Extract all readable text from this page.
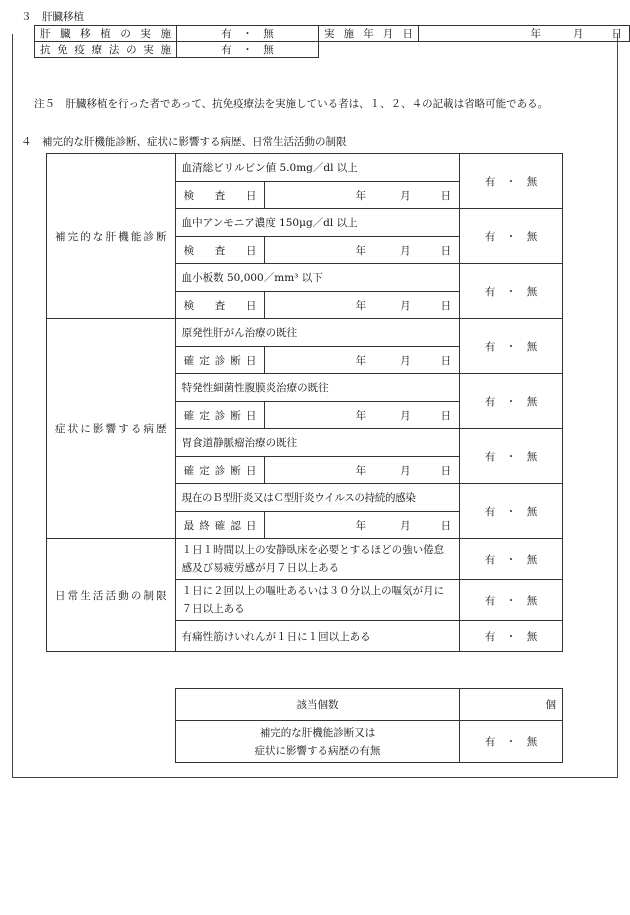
３　肝臓移植
肝臓移植の実施	有　・　無	実施年月日	年 月 日

抗免疫療法の実施	有　・　無		
注５　肝臓移植を行った者であって、抗免疫療法を実施している者は、１、２、４の記載は省略可能である。
４　補完的な肝機能診断、症状に影響する病歴、日常生活活動の制限
補完的な肝機能診断	血清総ビリルビン値 5.0mg／dl 以上		有　・　無
	検査日	年 月 日	

	血中アンモニア濃度 150μg／dl 以上		有　・　無
	検査日	年 月 日	

	血小板数 50,000／mm³ 以下		有　・　無
	検査日	年 月 日	

症状に影響する病歴	原発性肝がん治療の既往		有　・　無
	確定診断日	年 月 日	

	特発性細菌性腹膜炎治療の既往		有　・　無
	確定診断日	年 月 日	

	胃食道静脈瘤治療の既往		有　・　無
	確定診断日	年 月 日	

	現在のＢ型肝炎又はＣ型肝炎ウイルスの持続的感染		有　・　無
	最終確認日	年 月 日	

日常生活活動の制限	１日１時間以上の安静臥床を必要とするほどの強い倦怠感及び易疲労感が月７日以上ある		有　・　無
	１日に２回以上の嘔吐あるいは３０分以上の嘔気が月に７日以上ある		有　・　無
	有痛性筋けいれんが１日に１回以上ある		有　・　無
該当個数	個

補完的な肝機能診断又は
症状に影響する病歴の有無	有　・　無
